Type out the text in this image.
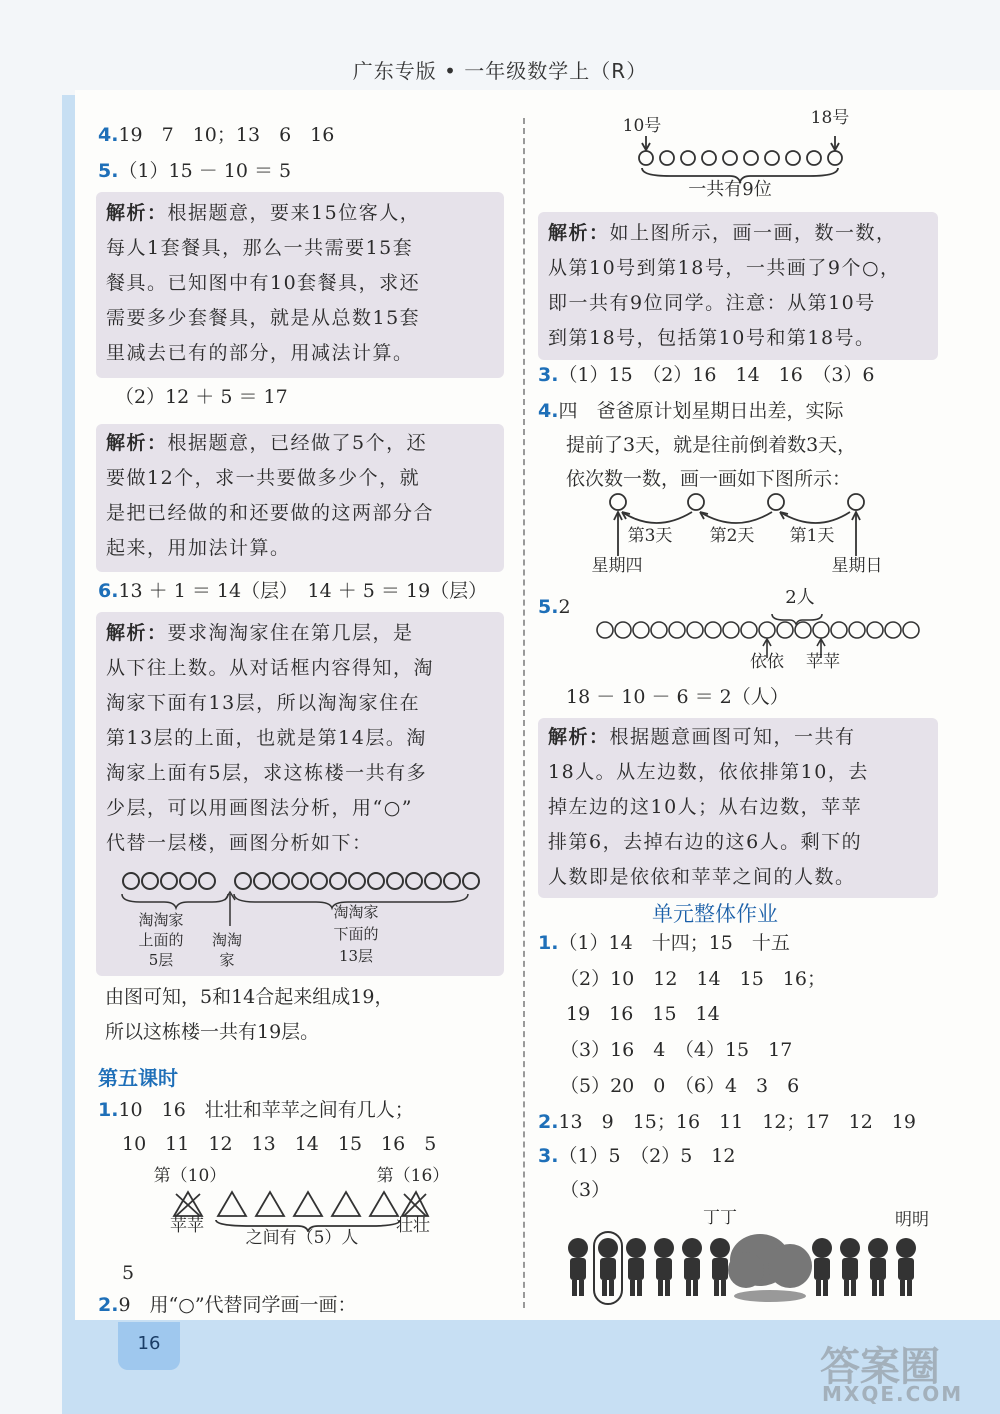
广东专版 • 一年级数学上（R）
4.19　7　10；13　6　16
5.（1）15 － 10 ＝ 5
解析：根据题意，要来15位客人，
每人1套餐具，那么一共需要15套
餐具。已知图中有10套餐具，求还
需要多少套餐具，就是从总数15套
里减去已有的部分，用减法计算。
（2）12 ＋ 5 ＝ 17
解析：根据题意，已经做了5个，还
要做12个，求一共要做多少个，就
是把已经做的和还要做的这两部分合
起来，用加法计算。
6.13 ＋ 1 ＝ 14（层）　14 ＋ 5 ＝ 19（层）
解析：要求淘淘家住在第几层，是
从下往上数。从对话框内容得知，淘
淘家下面有13层，所以淘淘家住在
第13层的上面，也就是第14层。淘
淘家上面有5层，求这栋楼一共有多
少层，可以用画图法分析，用“○”
代替一层楼，画图分析如下：
淘淘家
上面的
5层
淘淘
家
淘淘家
下面的
13层
由图可知，5和14合起来组成19，
所以这栋楼一共有19层。
第五课时
1.10　16　壮壮和苹苹之间有几人；
10　11　12　13　14　15　16　5
第（10）	第（16）
苹苹
之间有（5）人
壮壮
5
2.9　用“○”代替同学画一画：
16
10号	18号
一共有9位
解析：如上图所示，画一画，数一数，
从第10号到第18号，一共画了9个○，
即一共有9位同学。注意：从第10号
到第18号，包括第10号和第18号。
3.（1）15　（2）16　14　16　（3）6
4.四　爸爸原计划星期日出差，实际
提前了3天，就是往前倒着数3天，
依次数一数，画一画如下图所示：
第3天	第2天	第1天
星期四	星期日
5.2	2人
依依	苹苹
18 － 10 － 6 ＝ 2（人）
解析：根据题意画图可知，一共有
18人。从左边数，依依排第10，去
掉左边的这10人；从右边数，苹苹
排第6，去掉右边的这6人。剩下的
人数即是依依和苹苹之间的人数。
单元整体作业
1.（1）14　十四；15　十五
（2）10　12　14　15　16；
19　16　15　14
（3）16　4　（4）15　17
（5）20　0　（6）4　3　6
2.13　9　15；16　11　12；17　12　19
3.（1）5　（2）5　12
（3）
丁丁	明明
答案圈
MXQE.COM
